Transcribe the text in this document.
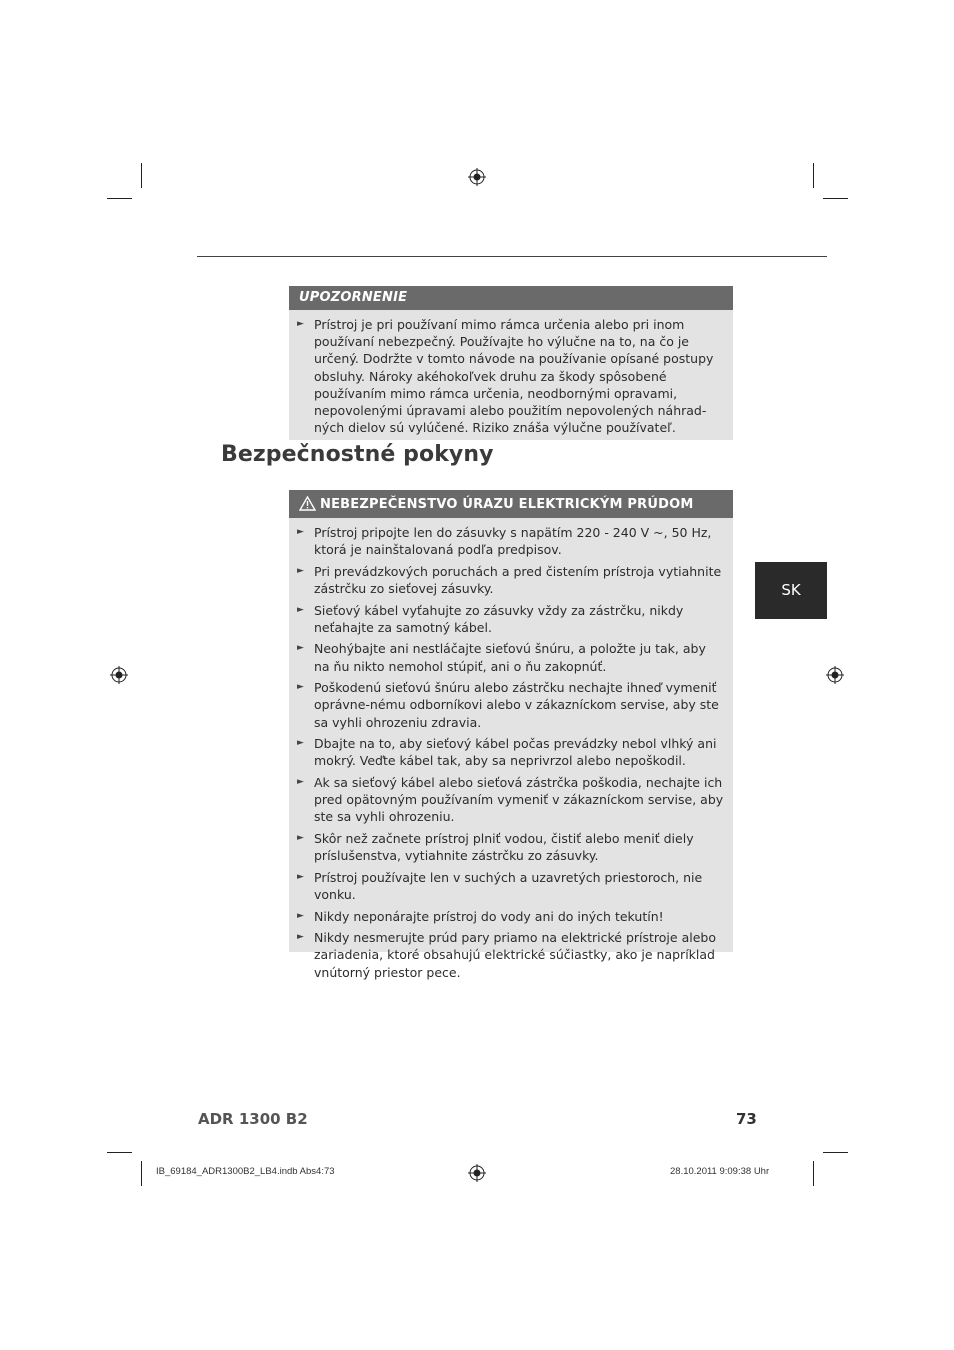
UPOZORNENIE
► Prístroj je pri používaní mimo rámca určenia alebo pri inom používaní nebezpečný. Používajte ho výlučne na to, na čo je určený. Dodržte v tomto návode na používanie opísané postupy obsluhy. Nároky akéhokoľvek druhu za škody spôsobené používaním mimo rámca určenia, neodbornými opravami, nepovolenými úpravami alebo použitím nepovolených náhrad-ných dielov sú vylúčené. Riziko znáša výlučne používateľ.
Bezpečnostné pokyny
NEBEZPEČENSTVO ÚRAZU ELEKTRICKÝM PRÚDOM
► Prístroj pripojte len do zásuvky s napätím 220 - 240 V ~, 50 Hz, ktorá je nainštalovaná podľa predpisov.
► Pri prevádzkových poruchách a pred čistením prístroja vytiahnite zástrčku zo sieťovej zásuvky.
► Sieťový kábel vyťahujte zo zásuvky vždy za zástrčku, nikdy neťahajte za samotný kábel.
► Neohýbajte ani nestláčajte sieťovú šnúru, a položte ju tak, aby na ňu nikto nemohol stúpiť, ani o ňu zakopnúť.
► Poškodenú sieťovú šnúru alebo zástrčku nechajte ihneď vymeniť oprávne-nému odborníkovi alebo v zákazníckom servise, aby ste sa vyhli ohrozeniu zdravia.
► Dbajte na to, aby sieťový kábel počas prevádzky nebol vlhký ani mokrý. Veďte kábel tak, aby sa neprivrzol alebo nepoškodil.
► Ak sa sieťový kábel alebo sieťová zástrčka poškodia, nechajte ich pred opätovným používaním vymeniť v zákazníckom servise, aby ste sa vyhli ohrozeniu.
► Skôr než začnete prístroj plniť vodou, čistiť alebo meniť diely príslušenstva, vytiahnite zástrčku zo zásuvky.
► Prístroj používajte len v suchých a uzavretých priestoroch, nie vonku.
► Nikdy neponárajte prístroj do vody ani do iných tekutín!
► Nikdy nesmerujte prúd pary priamo na elektrické prístroje alebo zariadenia, ktoré obsahujú elektrické súčiastky, ako je napríklad vnútorný priestor pece.
SK
ADR 1300 B2	73
IB_69184_ADR1300B2_LB4.indb Abs4:73	28.10.2011 9:09:38 Uhr
